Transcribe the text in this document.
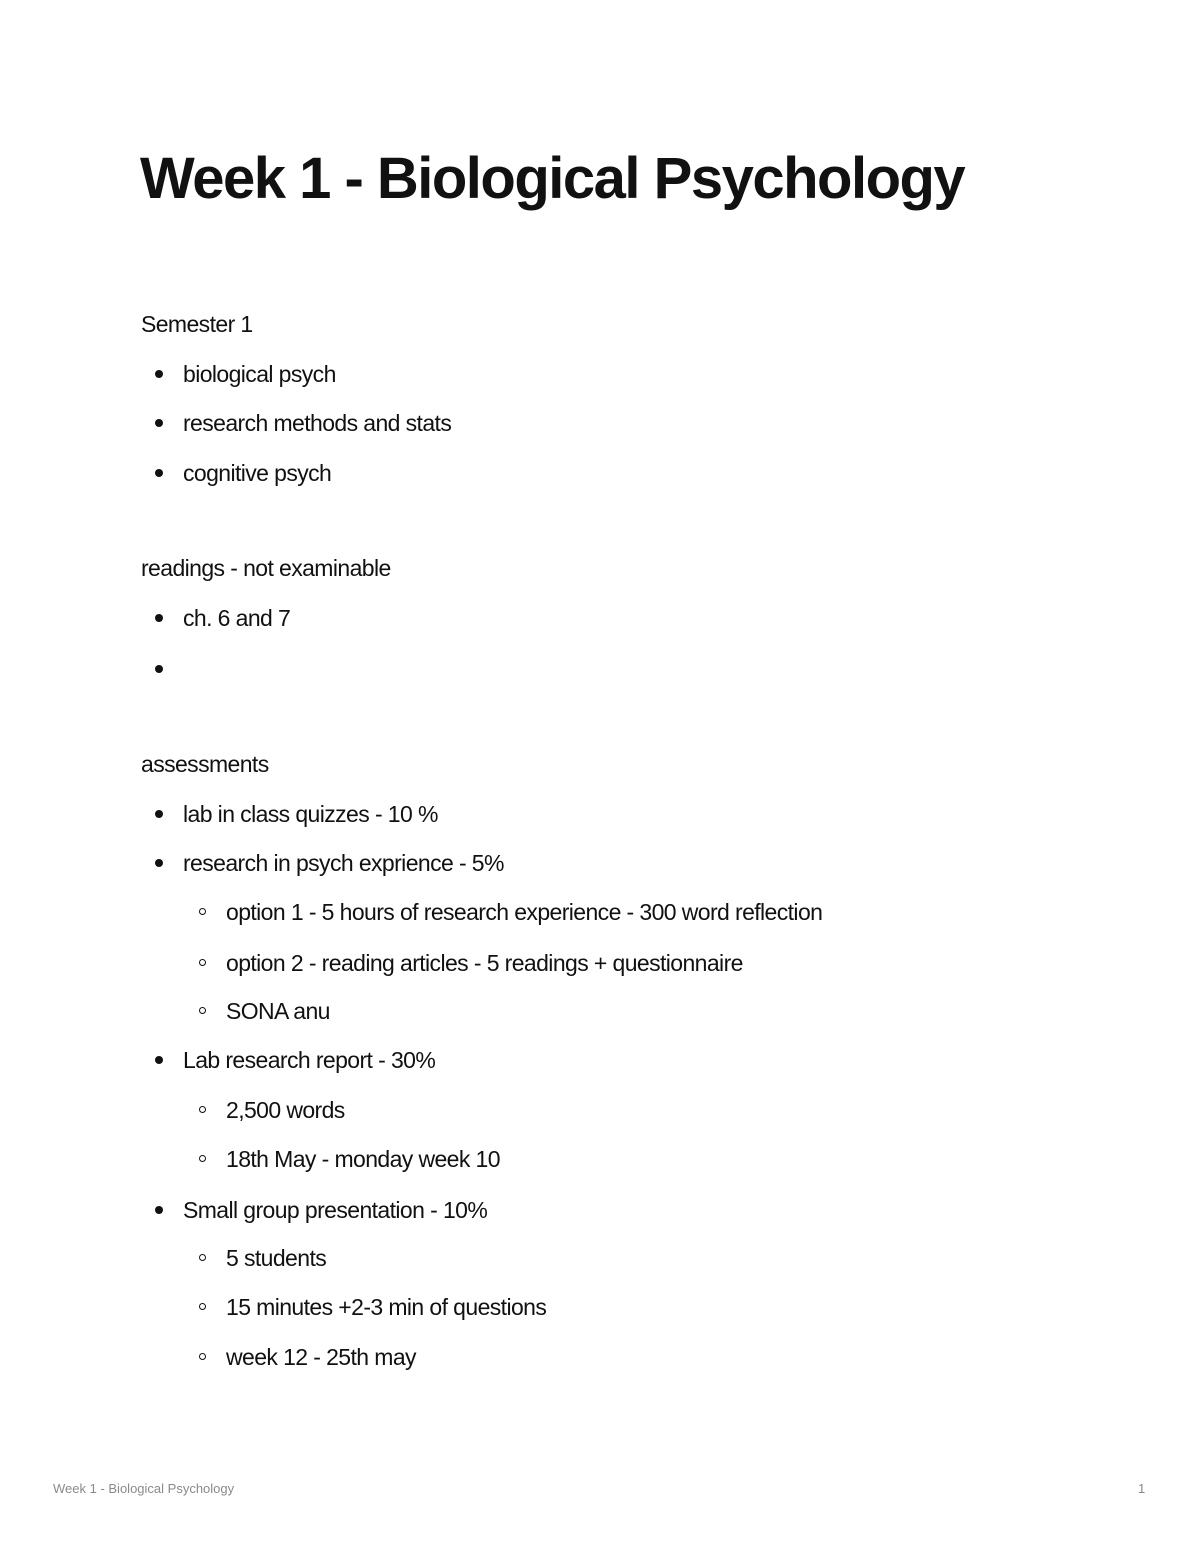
Week 1 - Biological Psychology
Semester 1
biological psych
research methods and stats
cognitive psych
readings - not examinable
ch. 6 and 7
assessments
lab in class quizzes - 10 %
research in psych exprience - 5%
option 1 - 5 hours of research experience - 300 word reflection
option 2 - reading articles - 5 readings + questionnaire
SONA anu
Lab research report - 30%
2,500 words
18th May - monday week 10
Small group presentation - 10%
5 students
15 minutes +2-3 min of questions
week 12 - 25th may
Week 1 - Biological Psychology	1
